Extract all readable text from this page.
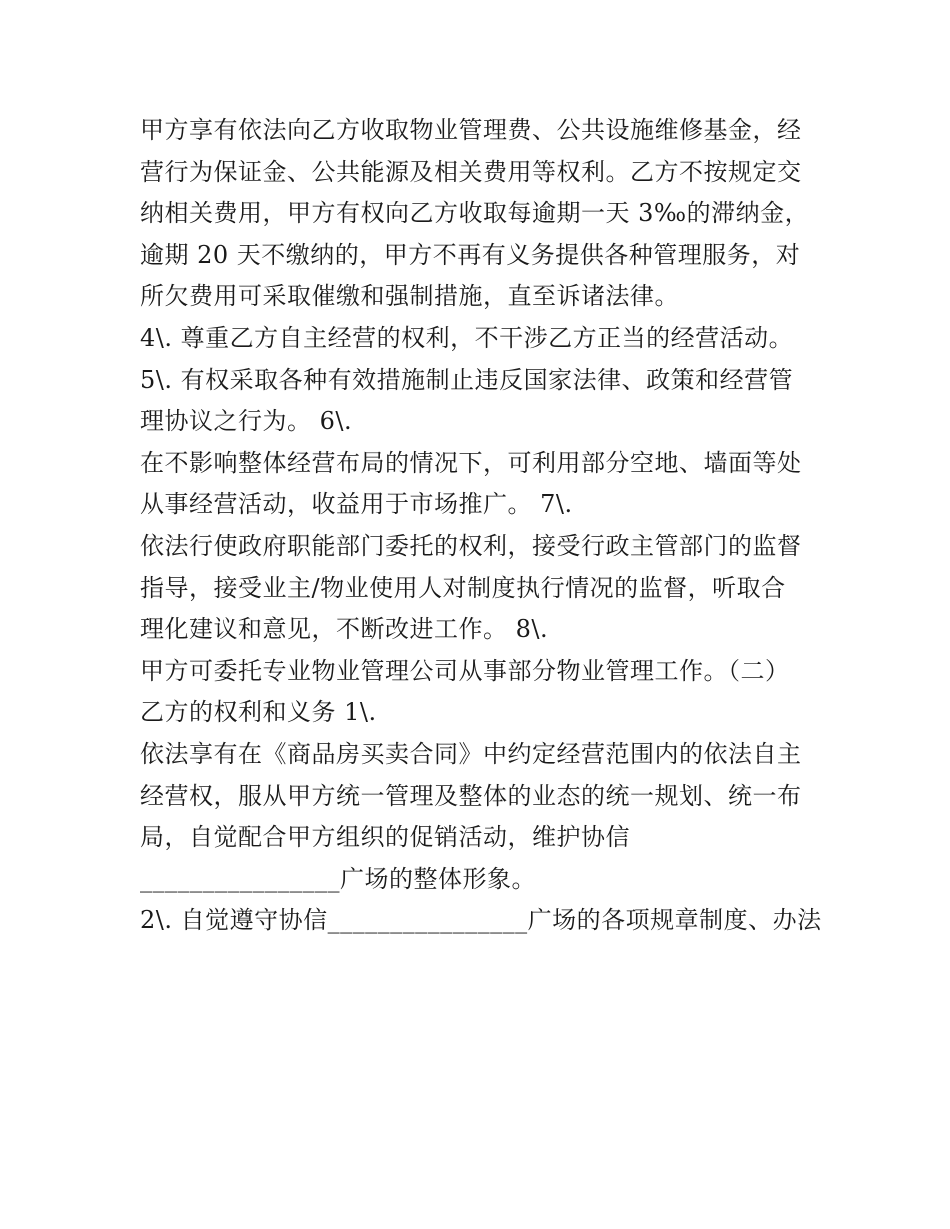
甲方享有依法向乙方收取物业管理费、公共设施维修基金，经
营行为保证金、公共能源及相关费用等权利。乙方不按规定交
纳相关费用，甲方有权向乙方收取每逾期一天 3‰的滞纳金，
逾期 20 天不缴纳的，甲方不再有义务提供各种管理服务，对
所欠费用可采取催缴和强制措施，直至诉诸法律。
4\. 尊重乙方自主经营的权利，不干涉乙方正当的经营活动。
5\. 有权采取各种有效措施制止违反国家法律、政策和经营管
理协议之行为。 6\.
在不影响整体经营布局的情况下，可利用部分空地、墙面等处
从事经营活动，收益用于市场推广。 7\.
依法行使政府职能部门委托的权利，接受行政主管部门的监督
指导，接受业主/物业使用人对制度执行情况的监督，听取合
理化建议和意见，不断改进工作。 8\.
甲方可委托专业物业管理公司从事部分物业管理工作。（二）
乙方的权利和义务 1\.
依法享有在《商品房买卖合同》中约定经营范围内的依法自主
经营权，服从甲方统一管理及整体的业态的统一规划、统一布
局，自觉配合甲方组织的促销活动，维护协信
________________广场的整体形象。
2\. 自觉遵守协信________________广场的各项规章制度、办法
